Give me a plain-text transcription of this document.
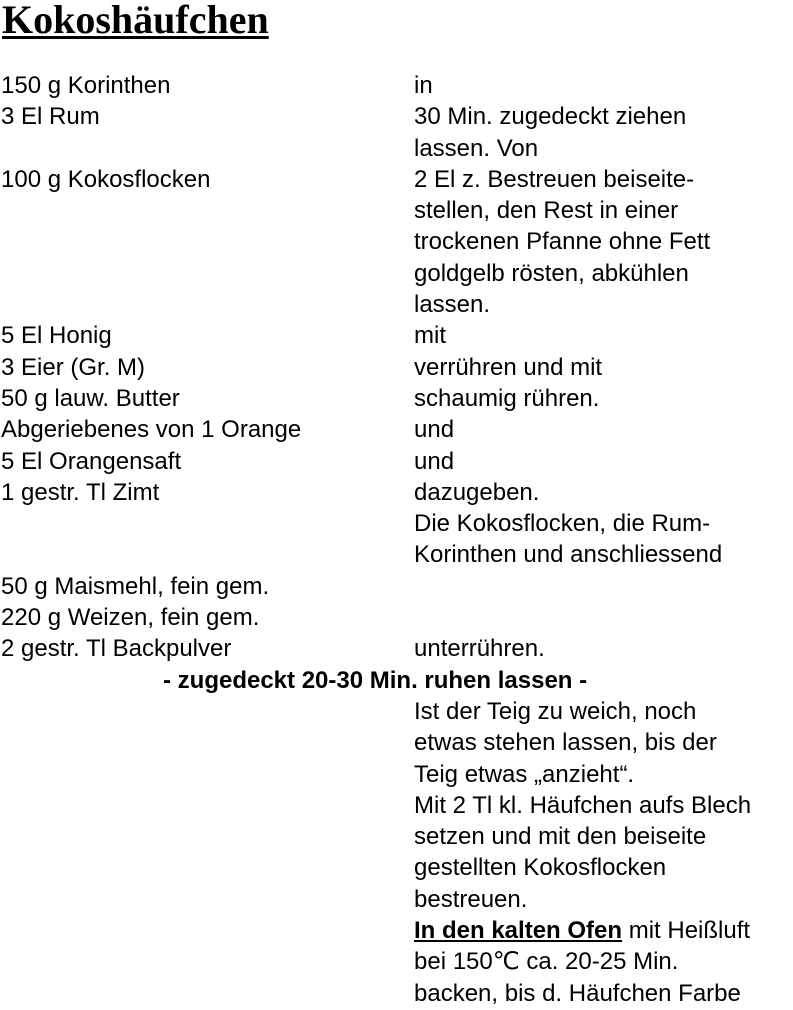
Kokoshäufchen
150 g Korinthen	in
3 El Rum	30 Min. zugedeckt ziehen
lassen. Von
100 g Kokosflocken	2 El z. Bestreuen beiseite-
stellen, den Rest in einer
trockenen Pfanne ohne Fett
goldgelb rösten, abkühlen
lassen.
5 El Honig	mit
3 Eier (Gr. M)	verrühren und mit
50 g lauw. Butter	schaumig rühren.
Abgeriebenes von 1 Orange	und
5 El Orangensaft	und
1 gestr. Tl Zimt	dazugeben.
Die Kokosflocken, die Rum-
Korinthen und anschliessend
50 g Maismehl, fein gem.
220 g Weizen, fein gem.
2 gestr. Tl Backpulver	unterrühren.
- zugedeckt 20-30 Min. ruhen lassen -
Ist der Teig zu weich, noch
etwas stehen lassen, bis der
Teig etwas „anzieht“.
Mit 2 Tl kl. Häufchen aufs Blech
setzen und mit den beiseite
gestellten Kokosflocken
bestreuen.
In den kalten Ofen mit Heißluft
bei 150℃ ca. 20-25 Min.
backen, bis d. Häufchen Farbe
